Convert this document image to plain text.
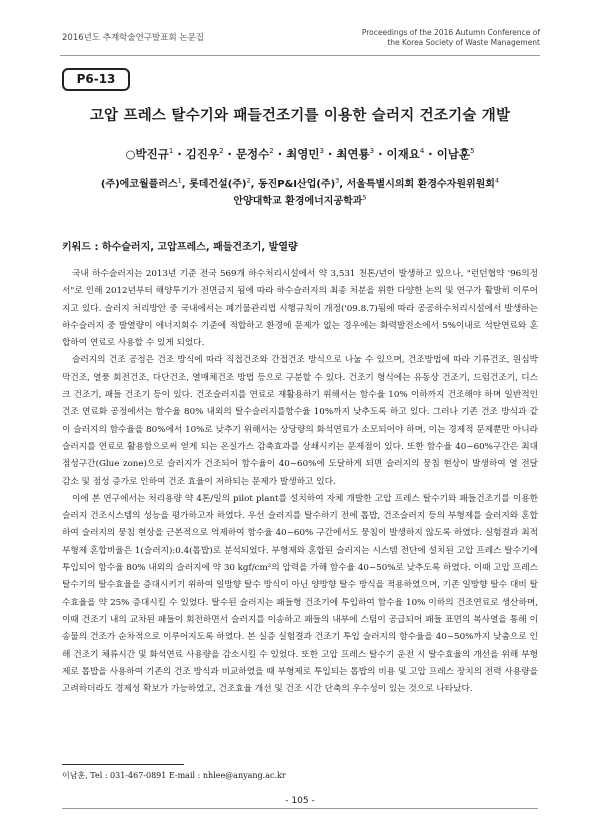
2016년도 추계학술연구발표회 논문집
Proceedings of the 2016 Autumn Conference of
the Korea Society of Waste Management
P6-13
고압 프레스 탈수기와 패들건조기를 이용한 슬러지 건조기술 개발
○박진규$^1$ · 김진우$^2$ · 문정수$^2$ · 최영민$^3$ · 최연룡$^3$ · 이재요$^4$ · 이남훈$^5$
(주)에코월플러스$^1$, 롯데건설(주)$^2$, 동진P&I산업(주)$^3$, 서울특별시의회 환경수자원위원회$^4$
안양대학교 환경에너지공학과$^5$
키워드 : 하수슬러지, 고압프레스, 패들건조기, 발열량

국내 하수슬러지는 2013년 기준 전국 569개 하수처리시설에서 약 3,531 천톤/년이 발생하고 있으나, "런던협약 '96의정서"로 인해 2012년부터 해양투기가 전면금지 됨에 따라 하수슬러지의 최종 처분을 위한 다양한 논의 및 연구가 활발히 이루어지고 있다. 슬러지 처리방안 중 국내에서는 폐기물관리법 시행규칙이 개정('09.8.7)됨에 따라 공공하수처리시설에서 발생하는 하수슬러지 중 발열량이 에너지회수 기준에 적합하고 환경에 문제가 없는 경우에는 화력발전소에서 5%이내로 석탄연료와 혼합하여 연료로 사용할 수 있게 되었다.

슬러지의 건조 공정은 건조 방식에 따라 직접건조와 간접건조 방식으로 나눌 수 있으며, 건조방법에 따라 기류건조, 원심박막건조, 열풍 회전건조, 다단건조, 열매체건조 방법 등으로 구분할 수 있다. 건조기 형식에는 유동상 건조기, 드럼건조기, 디스크 건조기, 패들 건조기 등이 있다. 건조슬러지를 연료로 재활용하기 위해서는 함수율 10% 이하까지 건조해야 하며 일반적인 건조 연료화 공정에서는 함수율 80% 내외의 탈수슬러지를함수율 10%까지 낮추도록 하고 있다. 그러나 기존 건조 방식과 같이 슬러지의 함수율을 80%에서 10%로 낮추기 위해서는 상당량의 화석연료가 소모되어야 하며, 이는 경제적 문제뿐만 아니라 슬러지를 연료로 활용함으로써 얻게 되는 온실가스 감축효과를 상쇄시키는 문제점이 있다. 또한 함수율 40~60%구간은 최대점성구간(Glue zone)으로 슬러지가 건조되어 함수율이 40~60%에 도달하게 되면 슬러지의 뭉침 현상이 발생하여 열 전달 감소 및 점성 증가로 인하여 건조 효율이 저하되는 문제가 발생하고 있다.

이에 본 연구에서는 처리용량 약 4톤/일의 pilot plant를 설치하여 자체 개발한 고압 프레스 탈수기와 패들건조기를 이용한 슬러지 건조시스템의 성능을 평가하고자 하였다. 우선 슬러지를 탈수하기 전에 톱밥, 건조슬러지 등의 부형제를 슬러지와 혼합하여 슬러지의 뭉침 현상을 근본적으로 억제하여 함수율 40~60% 구간에서도 뭉침이 발생하지 않도록 하였다. 실험결과 최적 부형제 혼합비율은 1(슬러지):0.4(톱밥)로 분석되었다. 부형제와 혼합된 슬러지는 시스템 전단에 설치된 고압 프레스 탈수기에 투입되어 함수율 80% 내외의 슬러지에 약 30 kgf/cm²의 압력을 가해 함수율 40~50%로 낮추도록 하였다. 이때 고압 프레스 탈수기의 탈수효율을 증대시키기 위하여 일방향 탈수 방식이 아닌 양방향 탈수 방식을 적용하였으며, 기존 일방향 탈수 대비 탈수효율을 약 25% 증대시킬 수 있었다. 탈수된 슬러지는 패들형 건조기에 투입하여 함수율 10% 이하의 건조연료로 생산하며, 이때 건조기 내의 교차된 패들이 회전하면서 슬러지를 이송하고 패들의 내부에 스팀이 공급되어 패들 표면의 복사열을 통해 이송물의 건조가 순차적으로 이루어지도록 하였다. 본 실증 실험결과 건조기 투입 슬러지의 함수율을 40~50%까지 낮춤으로 인해 건조기 체류시간 및 화석연료 사용량을 감소시킬 수 있었다. 또한 고압 프레스 탈수기 운전 시 탈수효율의 개선을 위해 부형제로 톱밥을 사용하여 기존의 건조 방식과 비교하였을 때 부형제로 투입되는 톱밥의 비용 및 고압 프레스 장치의 전력 사용량을 고려하더라도 경제성 확보가 가능하였고, 건조효율 개선 및 건조 시간 단축의 우수성이 있는 것으로 나타났다.

이남훈, Tel : 031-467-0891 E-mail : nhlee@anyang.ac.kr
- 105 -
